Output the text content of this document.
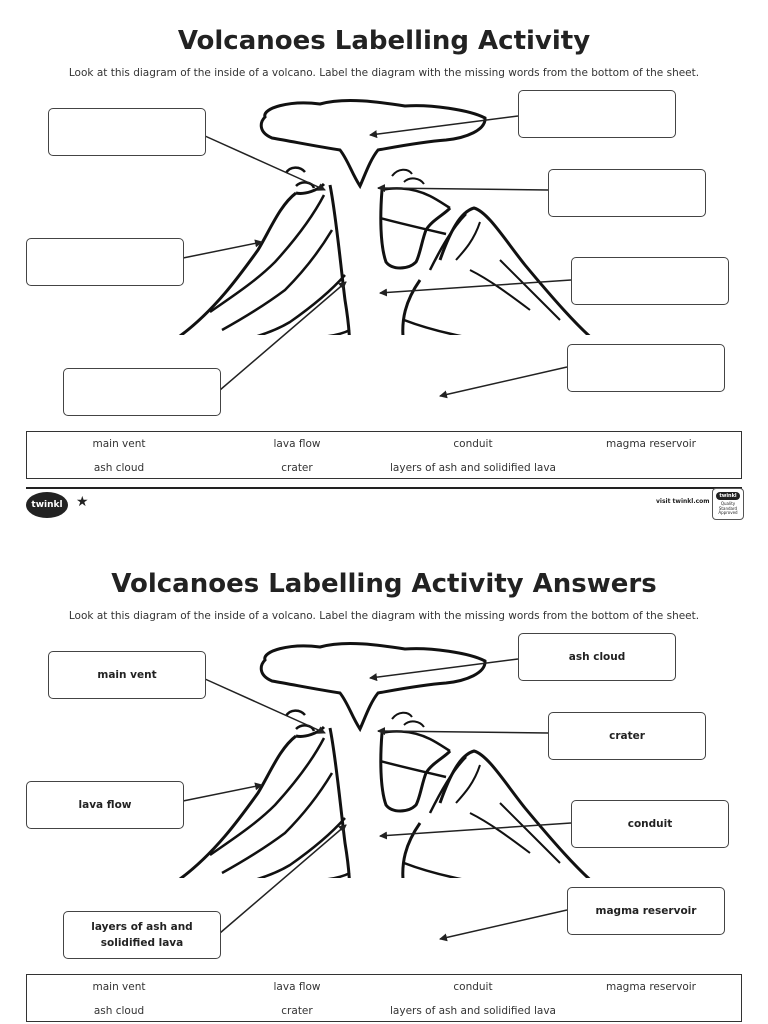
Volcanoes Labelling Activity
Look at this diagram of the inside of a volcano. Label the diagram with the missing words from the bottom of the sheet.
main vent	lava flow	conduit	magma reservoir
ash cloud	crater	layers of ash and solidified lava
twinkl ★	visit twinkl.com
twinkl
Quality Standard Approved
Volcanoes Labelling Activity Answers
Look at this diagram of the inside of a volcano. Label the diagram with the missing words from the bottom of the sheet.
main vent
ash cloud
crater
lava flow
conduit
layers of ash and
solidified lava
magma reservoir
main vent	lava flow	conduit	magma reservoir
ash cloud	crater	layers of ash and solidified lava
